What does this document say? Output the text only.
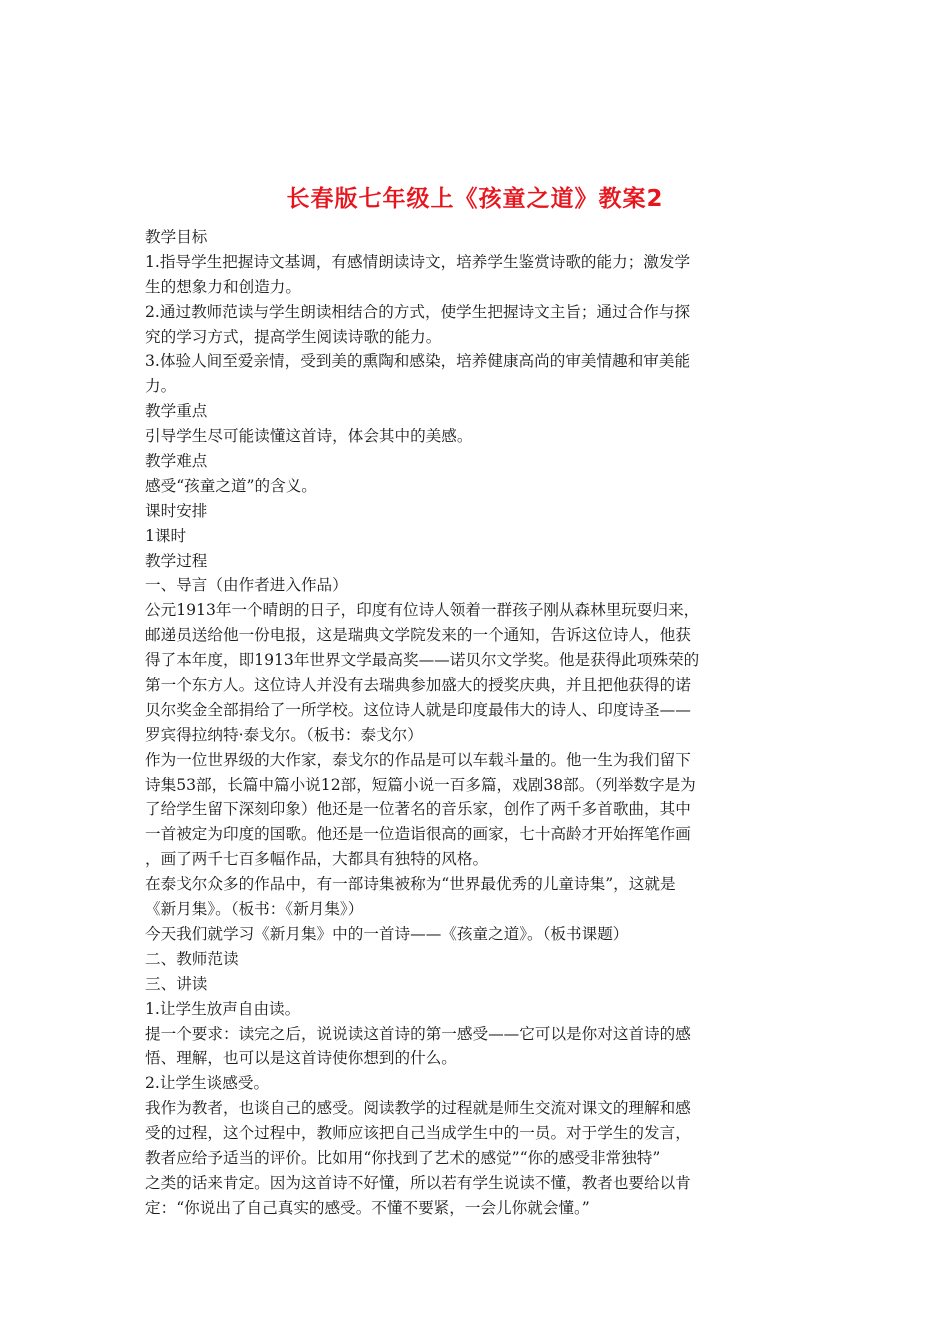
长春版七年级上《孩童之道》教案2

教学目标

1.指导学生把握诗文基调，有感情朗读诗文，培养学生鉴赏诗歌的能力；激发学

生的想象力和创造力。

2.通过教师范读与学生朗读相结合的方式，使学生把握诗文主旨；通过合作与探

究的学习方式，提高学生阅读诗歌的能力。

3.体验人间至爱亲情，受到美的熏陶和感染，培养健康高尚的审美情趣和审美能

力。

教学重点

引导学生尽可能读懂这首诗，体会其中的美感。

教学难点

感受“孩童之道”的含义。

课时安排

1课时

教学过程

一、导言（由作者进入作品）

公元1913年一个晴朗的日子，印度有位诗人领着一群孩子刚从森林里玩耍归来，

邮递员送给他一份电报，这是瑞典文学院发来的一个通知，告诉这位诗人，他获

得了本年度，即1913年世界文学最高奖——诺贝尔文学奖。他是获得此项殊荣的

第一个东方人。这位诗人并没有去瑞典参加盛大的授奖庆典，并且把他获得的诺

贝尔奖金全部捐给了一所学校。这位诗人就是印度最伟大的诗人、印度诗圣——

罗宾得拉纳特·泰戈尔。（板书：泰戈尔）

作为一位世界级的大作家，泰戈尔的作品是可以车载斗量的。他一生为我们留下

诗集53部，长篇中篇小说12部，短篇小说一百多篇，戏剧38部。（列举数字是为

了给学生留下深刻印象）他还是一位著名的音乐家，创作了两千多首歌曲，其中

一首被定为印度的国歌。他还是一位造诣很高的画家，七十高龄才开始挥笔作画

，画了两千七百多幅作品，大都具有独特的风格。

在泰戈尔众多的作品中，有一部诗集被称为“世界最优秀的儿童诗集”，这就是

《新月集》。（板书：《新月集》）

今天我们就学习《新月集》中的一首诗——《孩童之道》。（板书课题）

二、教师范读

三、讲读

1.让学生放声自由读。

提一个要求：读完之后，说说读这首诗的第一感受——它可以是你对这首诗的感

悟、理解，也可以是这首诗使你想到的什么。

2.让学生谈感受。

我作为教者，也谈自己的感受。阅读教学的过程就是师生交流对课文的理解和感

受的过程，这个过程中，教师应该把自己当成学生中的一员。对于学生的发言，

教者应给予适当的评价。比如用“你找到了艺术的感觉”“你的感受非常独特”

之类的话来肯定。因为这首诗不好懂，所以若有学生说读不懂，教者也要给以肯

定：“你说出了自己真实的感受。不懂不要紧，一会儿你就会懂。”
